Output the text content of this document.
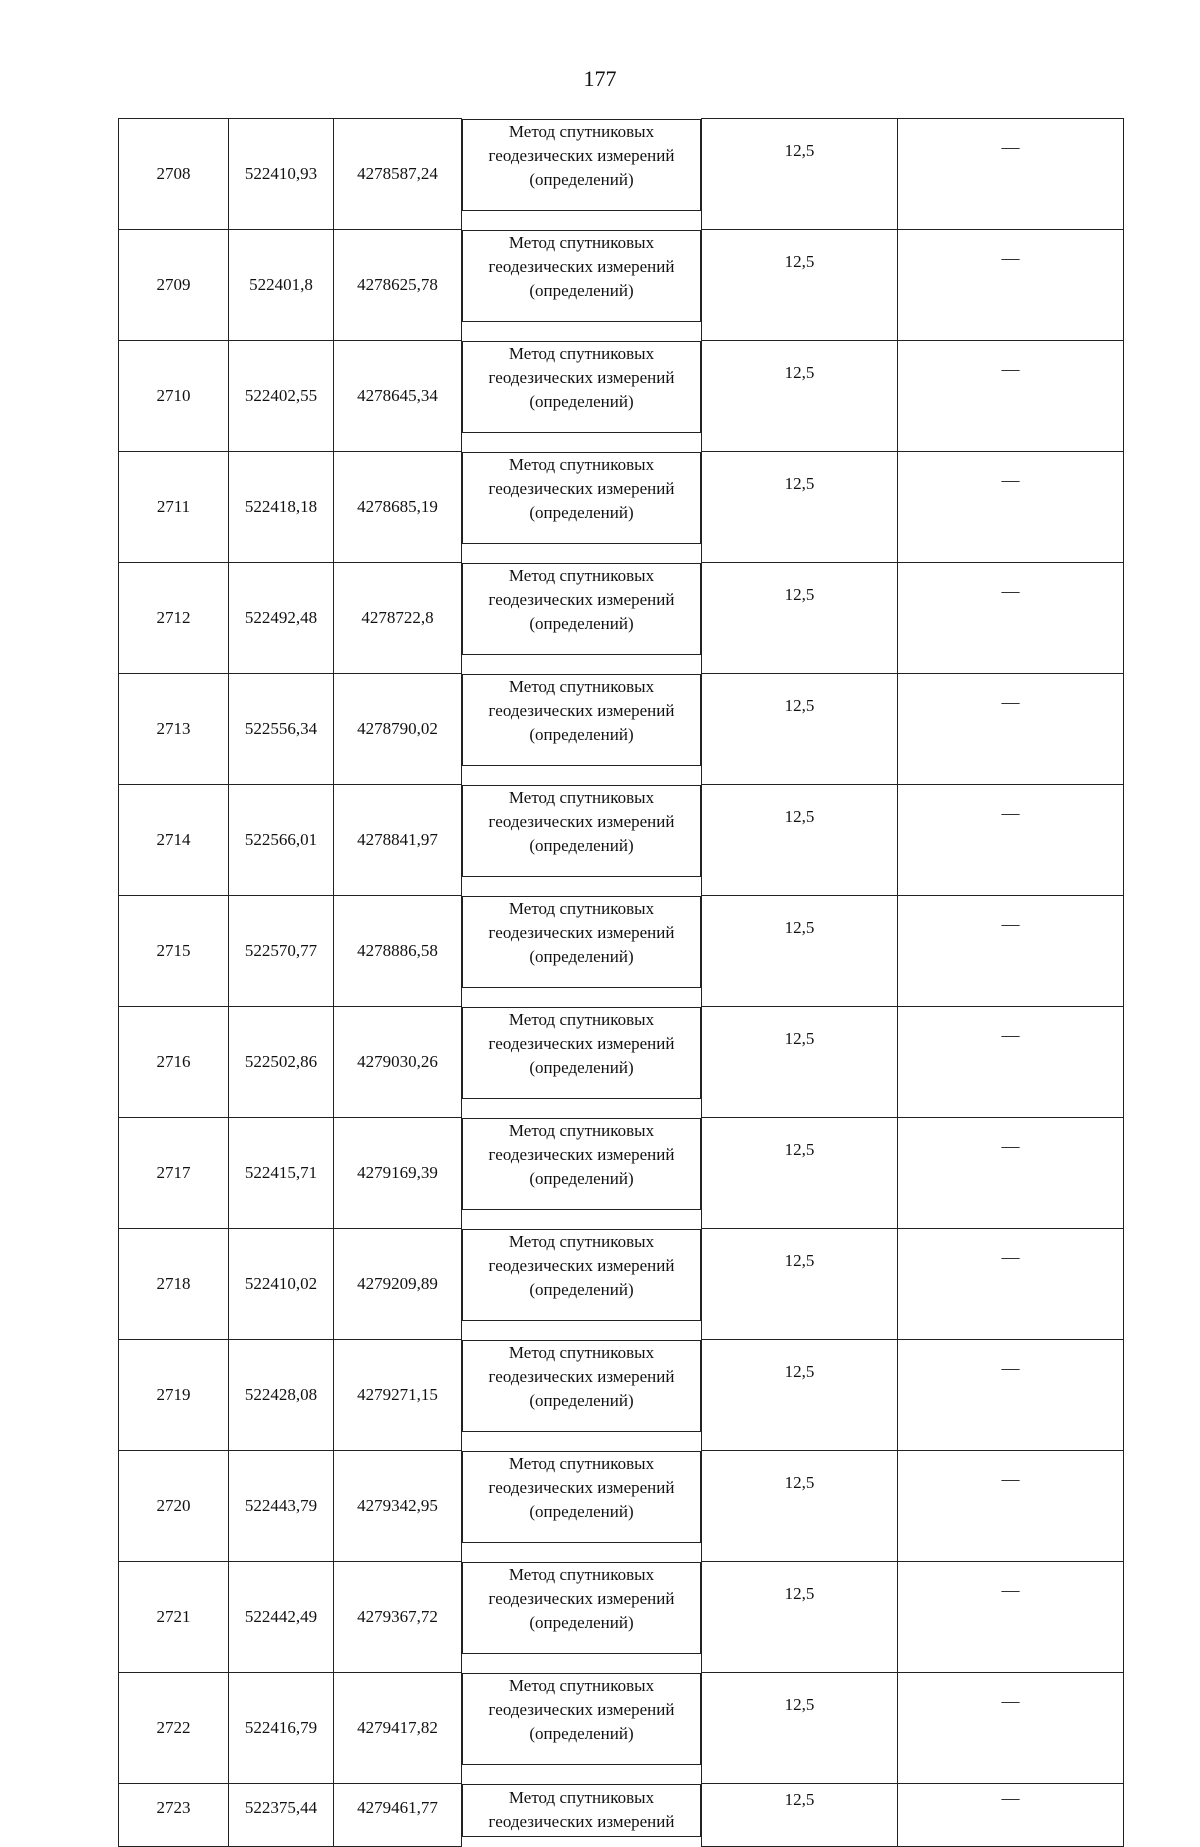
177
2708	522410,93	4278587,24	
Метод спутниковых
геодезических измерений
(определений)
12,5	—
2709	522401,8	4278625,78	
Метод спутниковых
геодезических измерений
(определений)
12,5	—
2710	522402,55	4278645,34	
Метод спутниковых
геодезических измерений
(определений)
12,5	—
2711	522418,18	4278685,19	
Метод спутниковых
геодезических измерений
(определений)
12,5	—
2712	522492,48	4278722,8	
Метод спутниковых
геодезических измерений
(определений)
12,5	—
2713	522556,34	4278790,02	
Метод спутниковых
геодезических измерений
(определений)
12,5	—
2714	522566,01	4278841,97	
Метод спутниковых
геодезических измерений
(определений)
12,5	—
2715	522570,77	4278886,58	
Метод спутниковых
геодезических измерений
(определений)
12,5	—
2716	522502,86	4279030,26	
Метод спутниковых
геодезических измерений
(определений)
12,5	—
2717	522415,71	4279169,39	
Метод спутниковых
геодезических измерений
(определений)
12,5	—
2718	522410,02	4279209,89	
Метод спутниковых
геодезических измерений
(определений)
12,5	—
2719	522428,08	4279271,15	
Метод спутниковых
геодезических измерений
(определений)
12,5	—
2720	522443,79	4279342,95	
Метод спутниковых
геодезических измерений
(определений)
12,5	—
2721	522442,49	4279367,72	
Метод спутниковых
геодезических измерений
(определений)
12,5	—
2722	522416,79	4279417,82	
Метод спутниковых
геодезических измерений
(определений)
12,5	—
2723	522375,44	4279461,77	
Метод спутниковых
геодезических измерений
12,5	—
